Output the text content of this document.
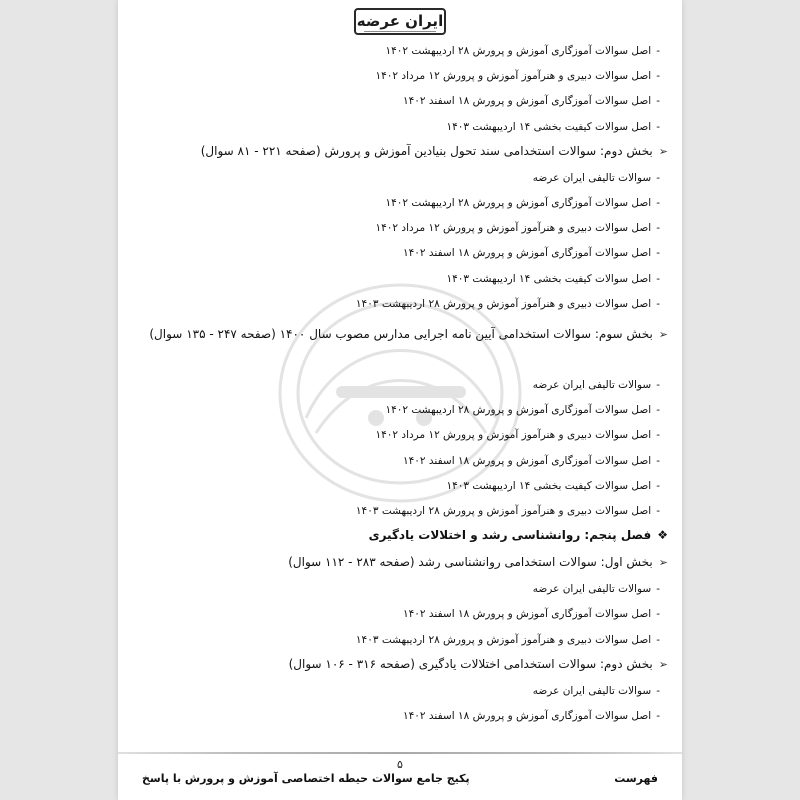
ایران عرضه
-اصل سوالات آموزگاری آموزش و پرورش ۲۸ اردیبهشت ۱۴۰۲
-اصل سوالات دبیری و هنرآموز آموزش و پرورش ۱۲ مرداد ۱۴۰۲
-اصل سوالات آموزگاری آموزش و پرورش ۱۸ اسفند ۱۴۰۲
-اصل سوالات کیفیت بخشی ۱۴ اردیبهشت ۱۴۰۳
➢بخش دوم: سوالات استخدامی سند تحول بنیادین آموزش و پرورش (صفحه ۲۲۱ - ۸۱ سوال)
-سوالات تالیفی ایران عرضه
-اصل سوالات آموزگاری آموزش و پرورش ۲۸ اردیبهشت ۱۴۰۲
-اصل سوالات دبیری و هنرآموز آموزش و پرورش ۱۲ مرداد ۱۴۰۲
-اصل سوالات آموزگاری آموزش و پرورش ۱۸ اسفند ۱۴۰۲
-اصل سوالات کیفیت بخشی ۱۴ اردیبهشت ۱۴۰۳
-اصل سوالات دبیری و هنرآموز آموزش و پرورش ۲۸ اردیبهشت ۱۴۰۳
➢بخش سوم: سوالات استخدامی آیین نامه اجرایی مدارس مصوب سال ۱۴۰۰ (صفحه ۲۴۷ - ۱۳۵ سوال)
-سوالات تالیفی ایران عرضه
-اصل سوالات آموزگاری آموزش و پرورش ۲۸ اردیبهشت ۱۴۰۲
-اصل سوالات دبیری و هنرآموز آموزش و پرورش ۱۲ مرداد ۱۴۰۲
-اصل سوالات آموزگاری آموزش و پرورش ۱۸ اسفند ۱۴۰۲
-اصل سوالات کیفیت بخشی ۱۴ اردیبهشت ۱۴۰۳
-اصل سوالات دبیری و هنرآموز آموزش و پرورش ۲۸ اردیبهشت ۱۴۰۳
❖فصل پنجم: روانشناسی رشد و اختلالات یادگیری
➢بخش اول: سوالات استخدامی روانشناسی رشد (صفحه ۲۸۳ - ۱۱۲ سوال)
-سوالات تالیفی ایران عرضه
-اصل سوالات آموزگاری آموزش و پرورش ۱۸ اسفند ۱۴۰۲
-اصل سوالات دبیری و هنرآموز آموزش و پرورش ۲۸ اردیبهشت ۱۴۰۳
➢بخش دوم: سوالات استخدامی اختلالات یادگیری (صفحه ۳۱۶ - ۱۰۶ سوال)
-سوالات تالیفی ایران عرضه
-اصل سوالات آموزگاری آموزش و پرورش ۱۸ اسفند ۱۴۰۲
۵
پکیج جامع سوالات حیطه اختصاصی آموزش و پرورش با پاسخ	فهرست
